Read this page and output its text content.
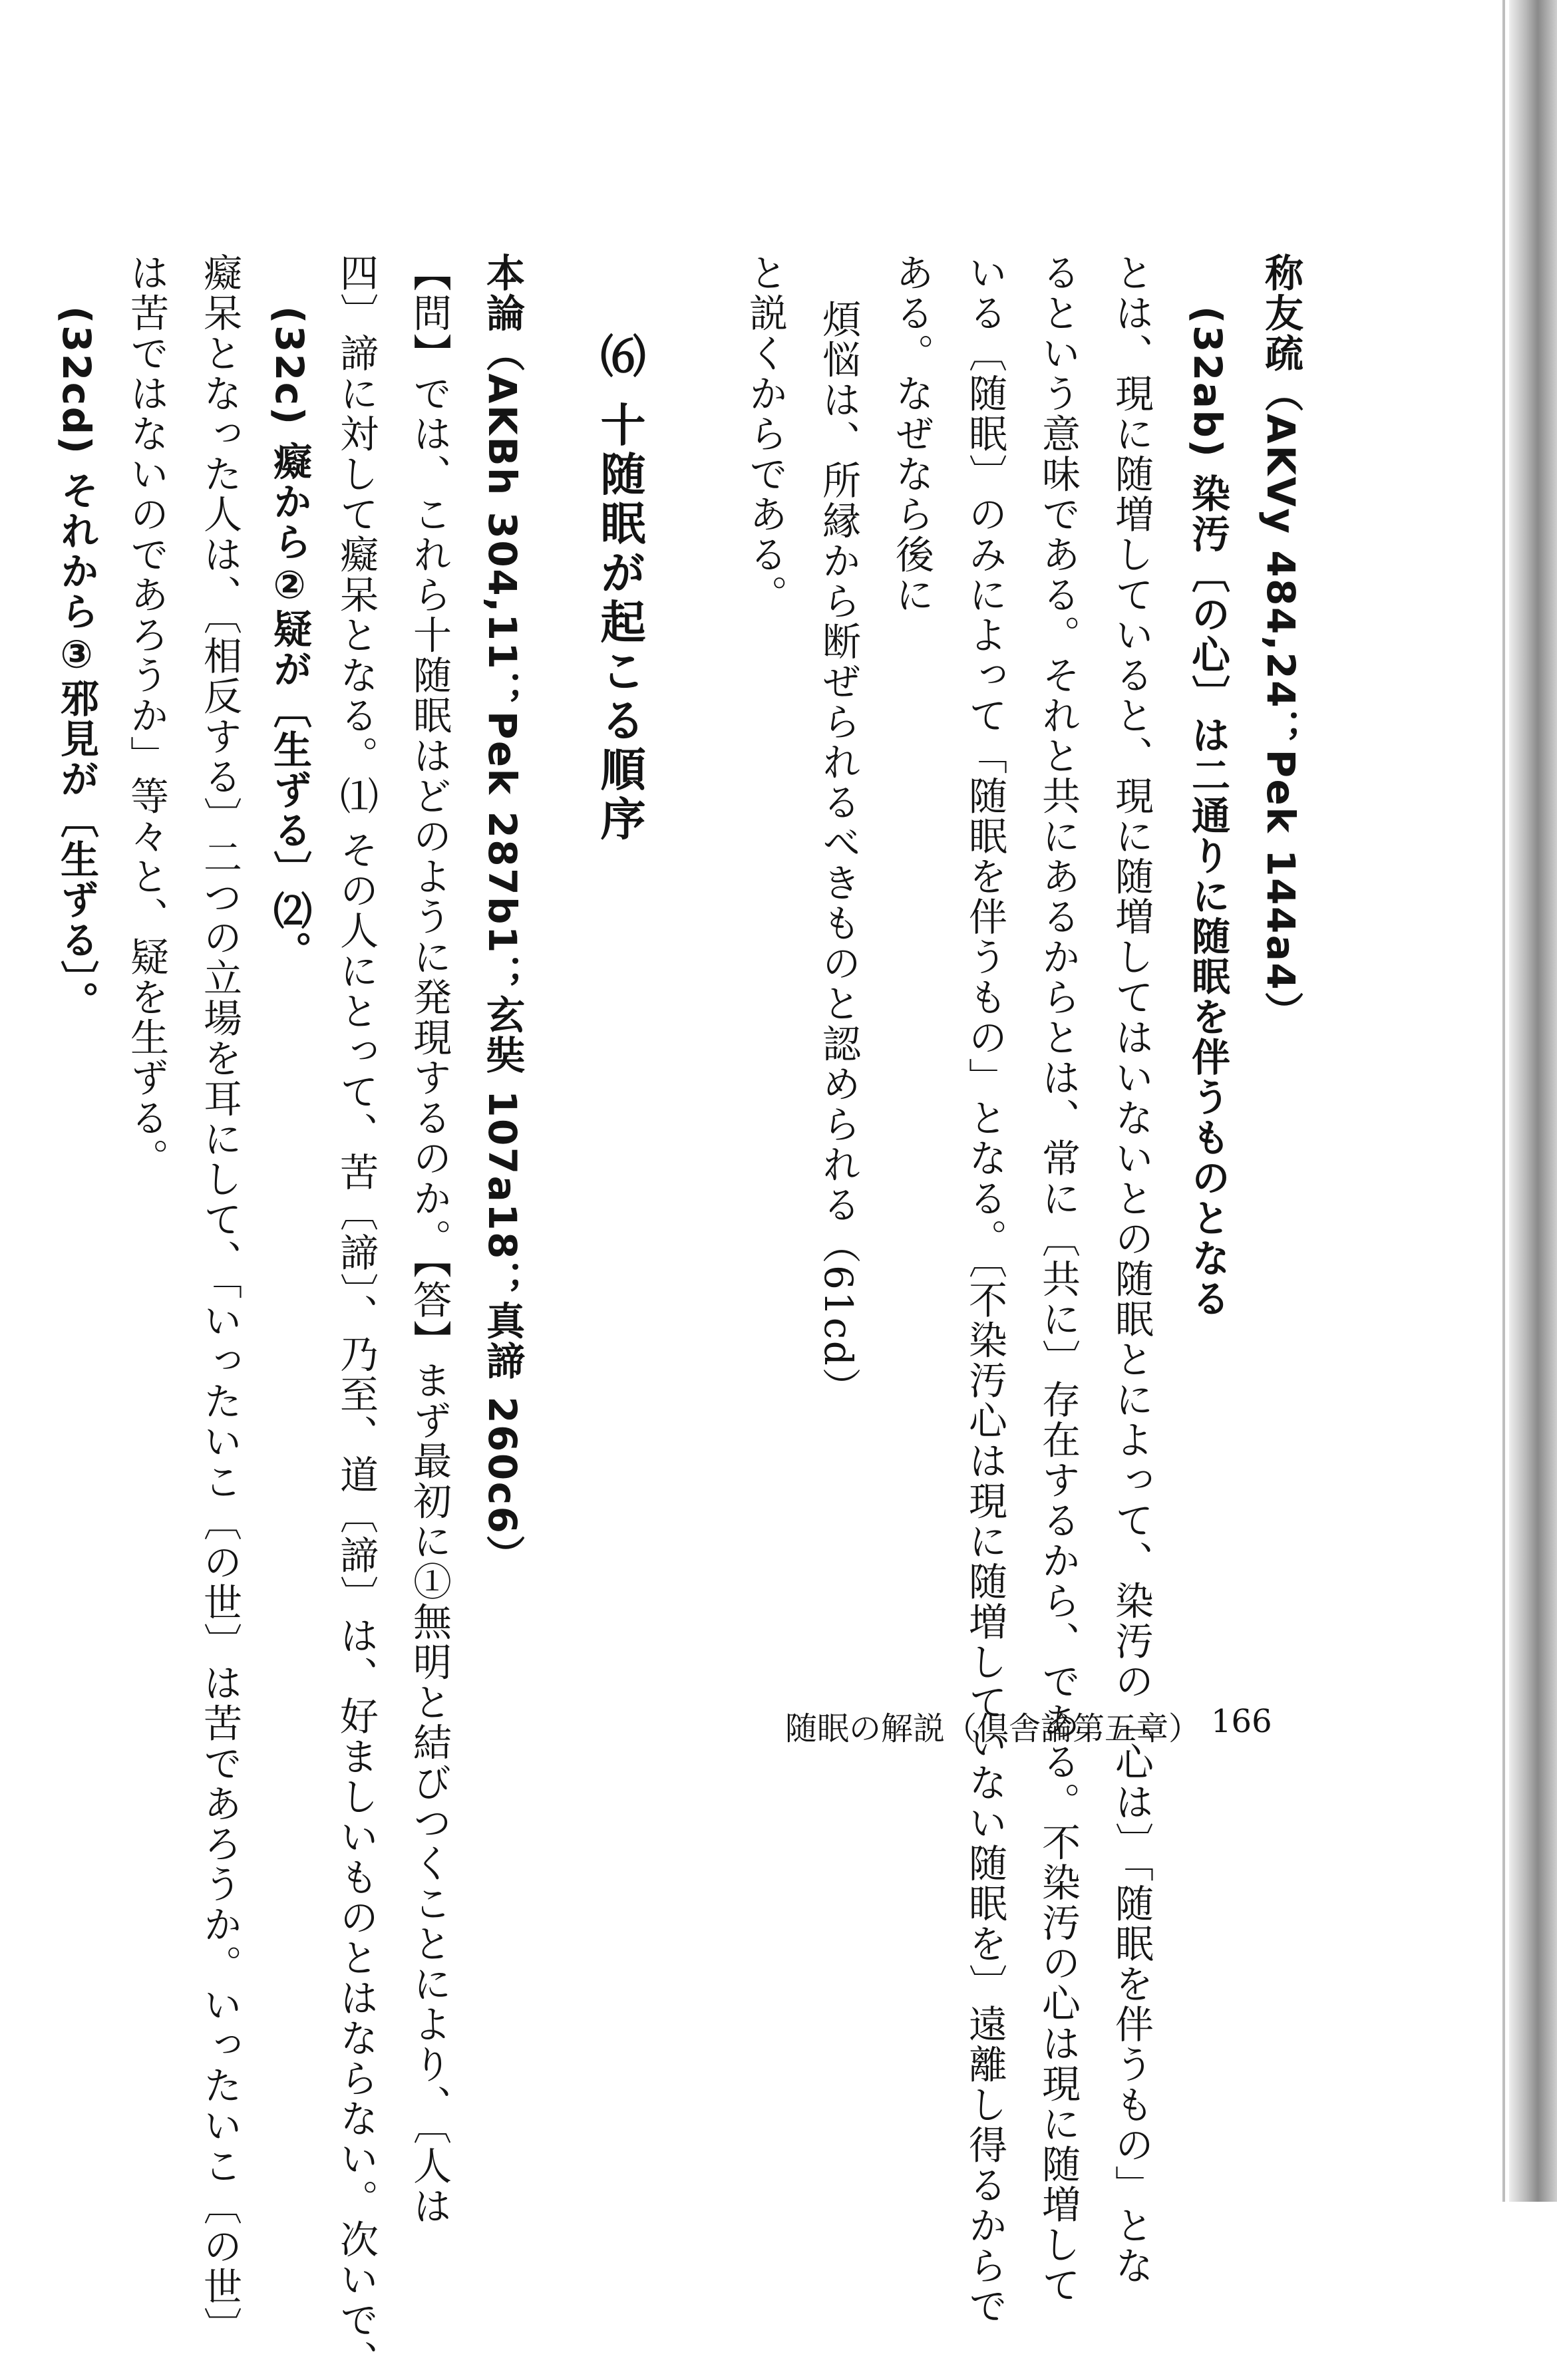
称友疏（AKVy 484,24；Pek 144a4）
(32ab) 染汚〔の心〕は二通りに随眠を伴うものとなる
とは、現に随増していると、現に随増してはいないとの随眠とによって、染汚の〔心は〕「随眠を伴うもの」とな
るという意味である。それと共にあるからとは、常に〔共に〕存在するから、である。不染汚の心は現に随増して
いる〔随眠〕のみによって「随眠を伴うもの」となる。〔不染汚心は現に随増していない随眠を〕遠離し得るからで
ある。なぜなら後に
煩悩は、所縁から断ぜられるべきものと認められる（61cd）
と説くからである。
⑹ 十随眠が起こる順序
本論（AKBh 304,11；Pek 287b1；玄奘 107a18；真諦 260c6）
【問】では、これら十随眠はどのように発現するのか。【答】まず最初に①無明と結びつくことにより、〔人は
四〕諦に対して癡呆となる。⑴ その人にとって、苦〔諦〕、乃至、道〔諦〕は、好ましいものとはならない。次いで、
(32c) 癡から②疑が〔生ずる〕⑵。
癡呆となった人は、〔相反する〕二つの立場を耳にして、「いったいこ〔の世〕は苦であろうか。いったいこ〔の世〕
は苦ではないのであろうか」等々と、疑を生ずる。
(32cd) それから③邪見が〔生ずる〕。
随眠の解説（倶舎論第五章） 166
